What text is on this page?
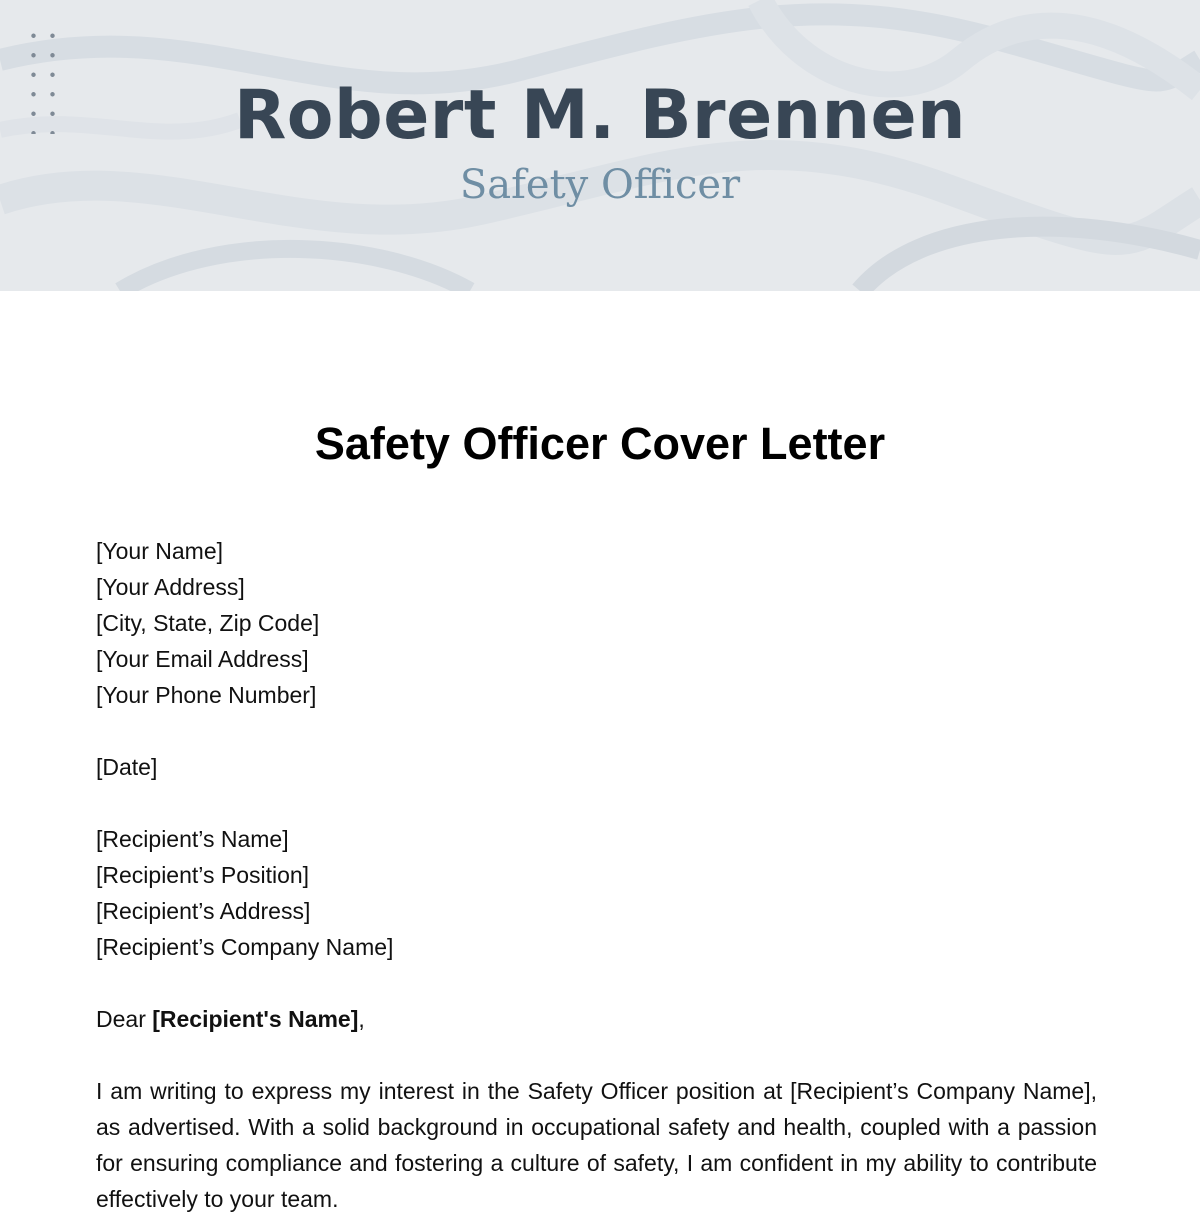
Robert M. Brennen
Safety Officer
Safety Officer Cover Letter
[Your Name]
[Your Address]
[City, State, Zip Code]
[Your Email Address]
[Your Phone Number]
[Date]
[Recipient’s Name]
[Recipient’s Position]
[Recipient’s Address]
[Recipient’s Company Name]
Dear [Recipient's Name],
I am writing to express my interest in the Safety Officer position at [Recipient’s Company Name], as advertised. With a solid background in occupational safety and health, coupled with a passion for ensuring compliance and fostering a culture of safety, I am confident in my ability to contribute effectively to your team.
